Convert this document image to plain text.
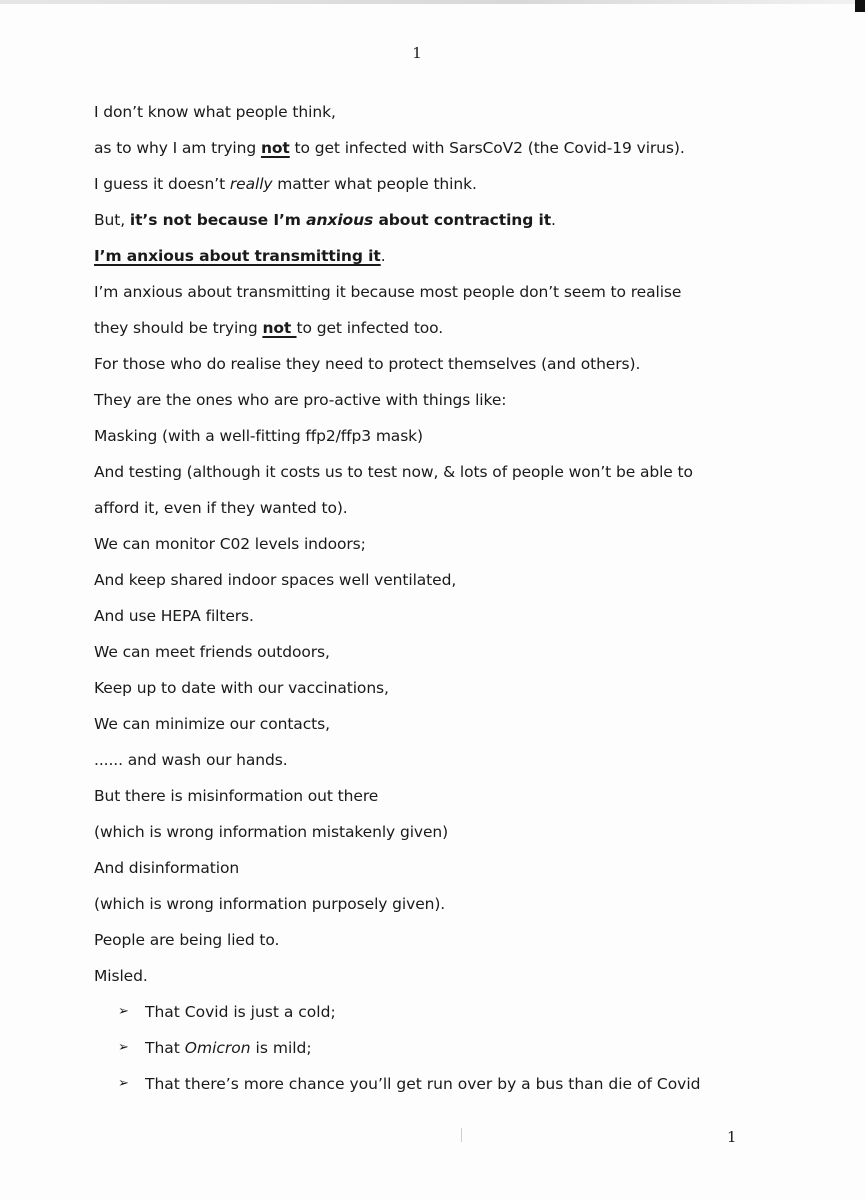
1
I don’t know what people think,
as to why I am trying not to get infected with SarsCoV2 (the Covid-19 virus).
I guess it doesn’t really matter what people think.
But, it’s not because I’m anxious about contracting it.
I’m anxious about transmitting it.
I’m anxious about transmitting it because most people don’t seem to realise
they should be trying not to get infected too.
For those who do realise they need to protect themselves (and others).
They are the ones who are pro-active with things like:
Masking (with a well-fitting ffp2/ffp3 mask)
And testing (although it costs us to test now, & lots of people won’t be able to
afford it, even if they wanted to).
We can monitor C02 levels indoors;
And keep shared indoor spaces well ventilated,
And use HEPA filters.
We can meet friends outdoors,
Keep up to date with our vaccinations,
We can minimize our contacts,
...... and wash our hands.
But there is misinformation out there
(which is wrong information mistakenly given)
And disinformation
(which is wrong information purposely given).
People are being lied to.
Misled.
➢	That Covid is just a cold;
➢	That Omicron is mild;
➢	That there’s more chance you’ll get run over by a bus than die of Covid
1
